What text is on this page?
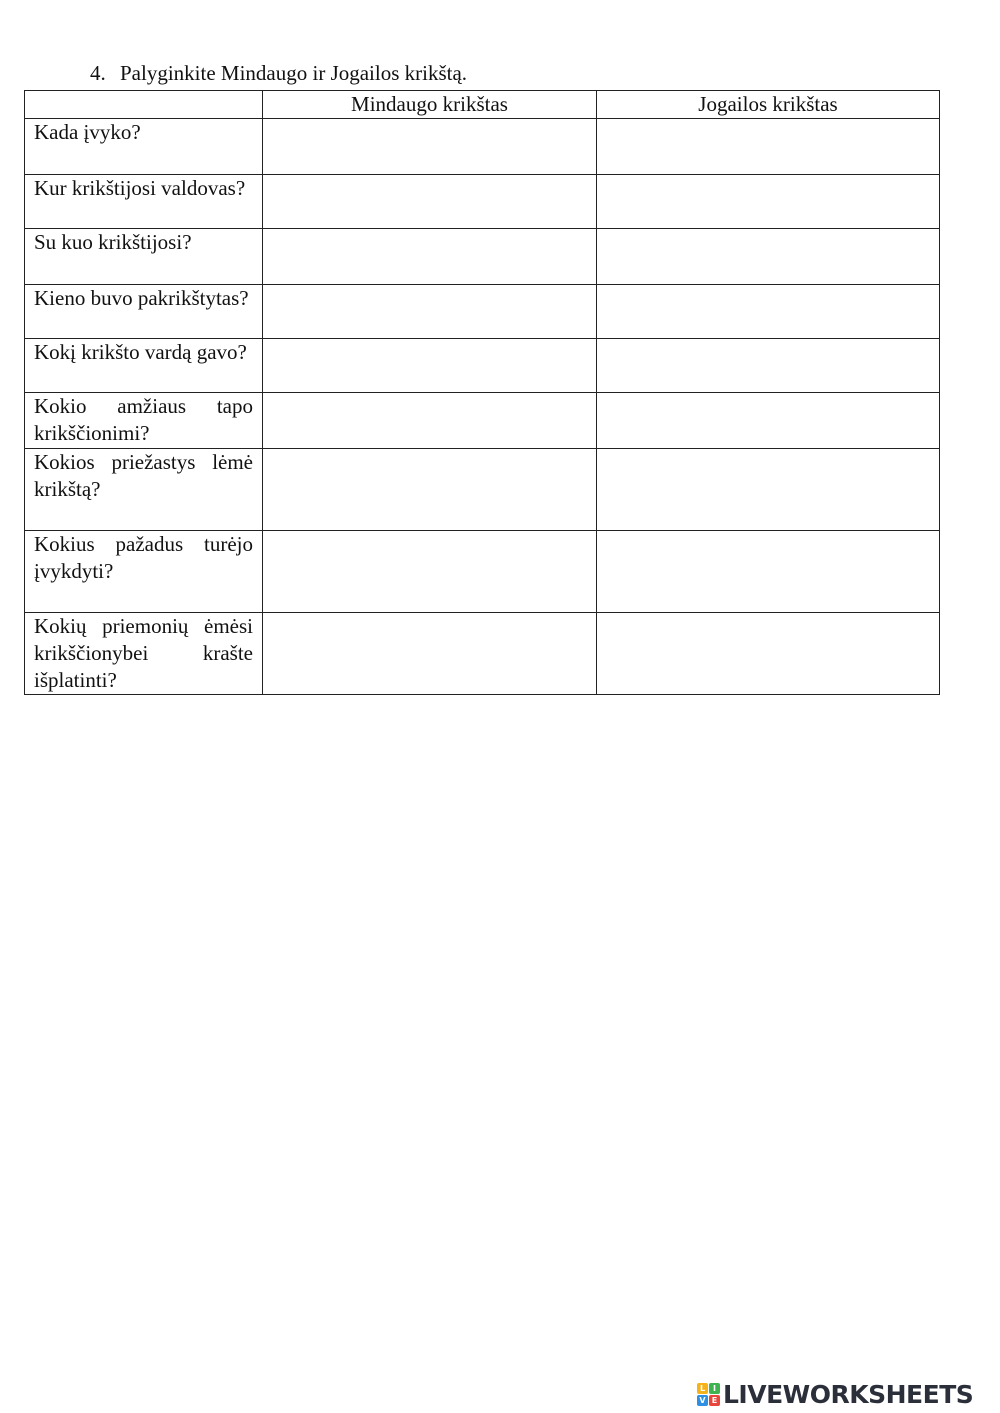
4. Palyginkite Mindaugo ir Jogailos krikštą.
	Mindaugo krikštas	Jogailos krikštas
Kada įvyko?		
Kur krikštijosi valdovas?		
Su kuo krikštijosi?		
Kieno buvo pakrikštytas?		
Kokį krikšto vardą gavo?		
Kokio amžiaus tapo krikščionimi?		
Kokios priežastys lėmė krikštą?		
Kokius pažadus turėjo įvykdyti?		
Kokių priemonių ėmėsi krikščionybei krašte išplatinti?		
L I
V E LIVEWORKSHEETS
